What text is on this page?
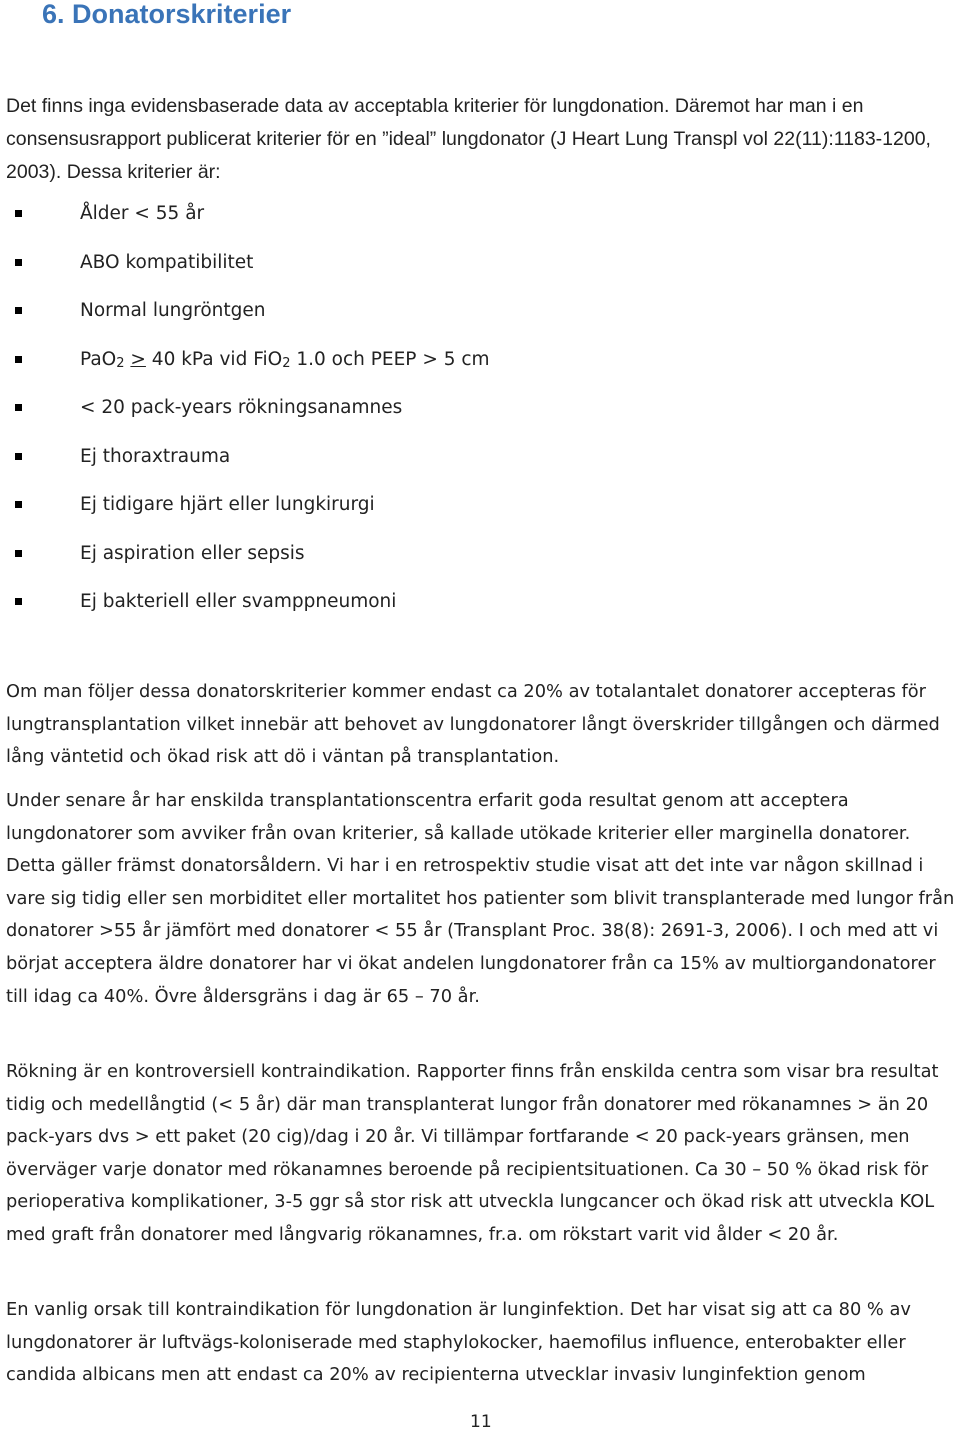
6. Donatorskriterier

Det finns inga evidensbaserade data av acceptabla kriterier för lungdonation. Däremot har man i en consensusrapport publicerat kriterier för en ”ideal” lungdonator (J Heart Lung Transpl vol 22(11):1183-1200, 2003). Dessa kriterier är:

Ålder < 55 år
ABO kompatibilitet
Normal lungröntgen
PaO2 ≥ 40 kPa vid FiO2 1.0 och PEEP > 5 cm
< 20 pack-years rökningsanamnes
Ej thoraxtrauma
Ej tidigare hjärt eller lungkirurgi
Ej aspiration eller sepsis
Ej bakteriell eller svamppneumoni

Om man följer dessa donatorskriterier kommer endast ca 20% av totalantalet donatorer accepteras för lungtransplantation vilket innebär att behovet av lungdonatorer långt överskrider tillgången och därmed lång väntetid och ökad risk att dö i väntan på transplantation.

Under senare år har enskilda transplantationscentra erfarit goda resultat genom att acceptera lungdonatorer som avviker från ovan kriterier, så kallade utökade kriterier eller marginella donatorer. Detta gäller främst donatorsåldern. Vi har i en retrospektiv studie visat att det inte var någon skillnad i vare sig tidig eller sen morbiditet eller mortalitet hos patienter som blivit transplanterade med lungor från donatorer >55 år jämfört med donatorer < 55 år (Transplant Proc. 38(8): 2691-3, 2006). I och med att vi börjat acceptera äldre donatorer har vi ökat andelen lungdonatorer från ca 15% av multiorgandonatorer till idag ca 40%. Övre åldersgräns i dag är 65 – 70 år.

Rökning är en kontroversiell kontraindikation. Rapporter finns från enskilda centra som visar bra resultat tidig och medellångtid (< 5 år) där man transplanterat lungor från donatorer med rökanamnes > än 20 pack-yars dvs > ett paket (20 cig)/dag i 20 år. Vi tillämpar fortfarande < 20 pack-years gränsen, men överväger varje donator med rökanamnes beroende på recipientsituationen. Ca 30 – 50 % ökad risk för perioperativa komplikationer, 3-5 ggr så stor risk att utveckla lungcancer och ökad risk att utveckla KOL med graft från donatorer med långvarig rökanamnes, fr.a. om rökstart varit vid ålder < 20 år.

En vanlig orsak till kontraindikation för lungdonation är lunginfektion. Det har visat sig att ca 80 % av lungdonatorer är luftvägs-koloniserade med staphylokocker, haemofilus influence, enterobakter eller candida albicans men att endast ca 20% av recipienterna utvecklar invasiv lunginfektion genom

11
